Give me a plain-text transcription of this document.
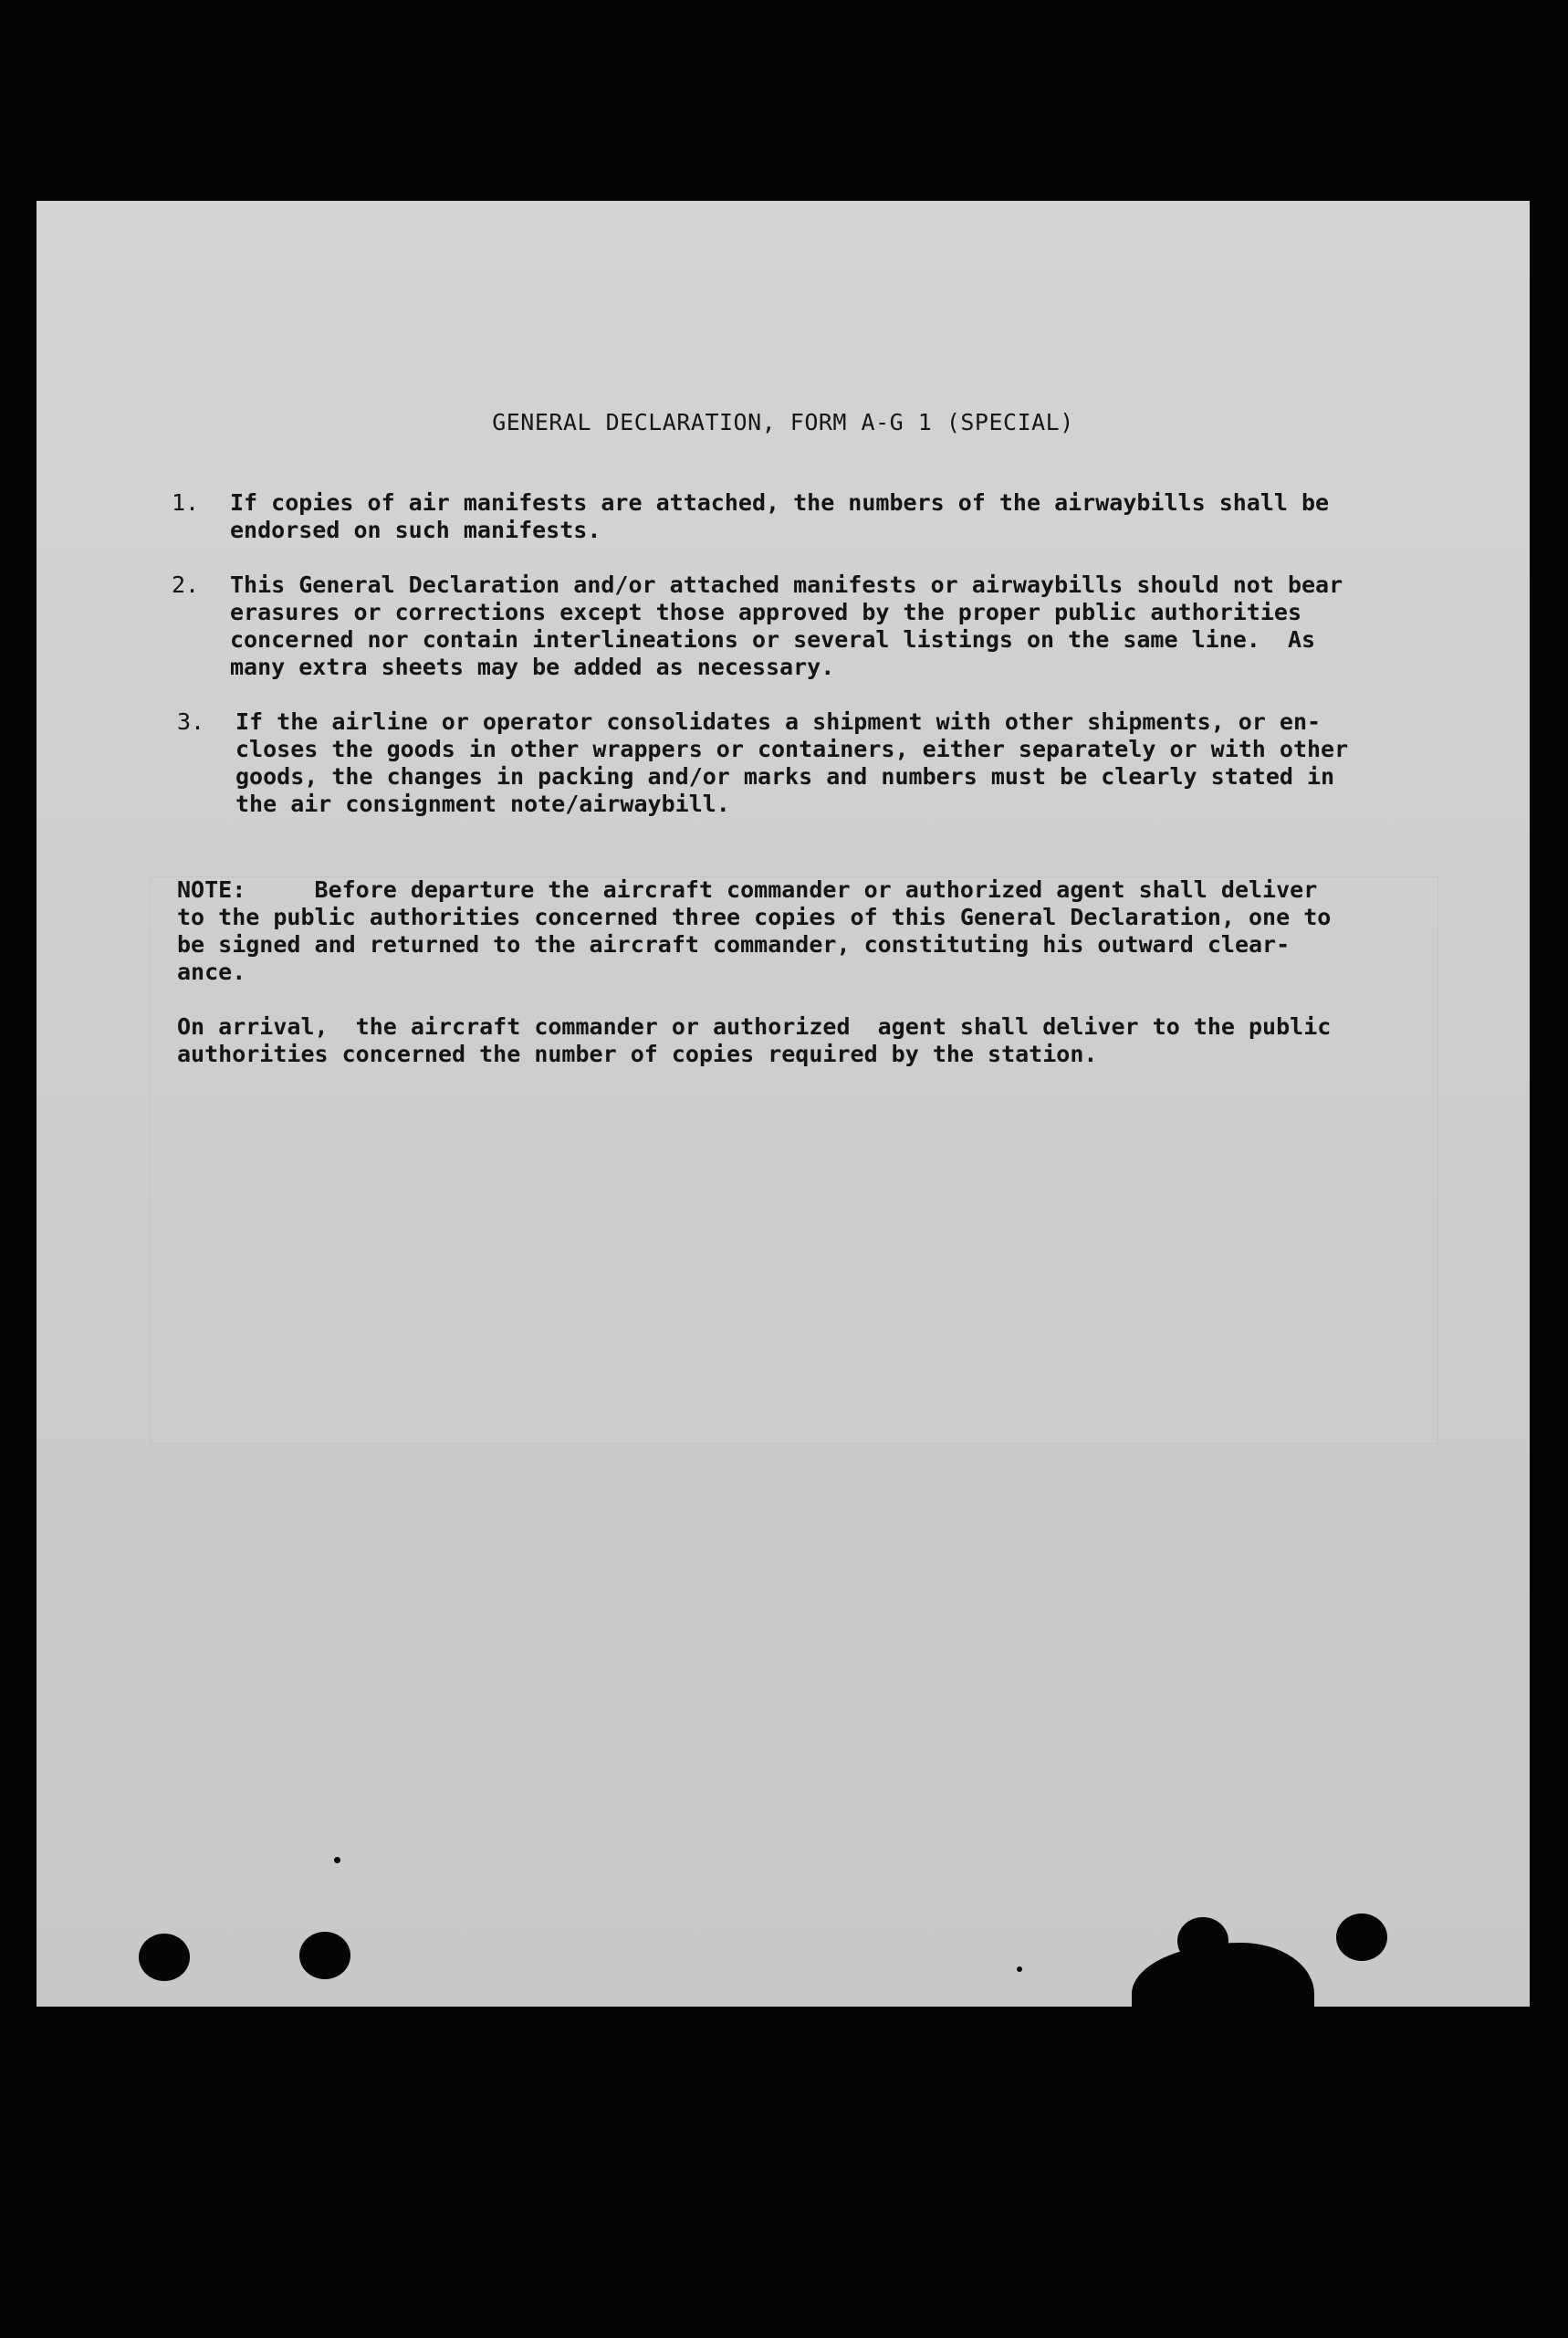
GENERAL DECLARATION, FORM A-G 1 (SPECIAL)
1. If copies of air manifests are attached, the numbers of the airwaybills shall be
endorsed on such manifests.
2. This General Declaration and/or attached manifests or airwaybills should not bear
erasures or corrections except those approved by the proper public authorities
concerned nor contain interlineations or several listings on the same line.  As
many extra sheets may be added as necessary.
3. If the airline or operator consolidates a shipment with other shipments, or en-
closes the goods in other wrappers or containers, either separately or with other
goods, the changes in packing and/or marks and numbers must be clearly stated in
the air consignment note/airwaybill.
NOTE:     Before departure the aircraft commander or authorized agent shall deliver
to the public authorities concerned three copies of this General Declaration, one to
be signed and returned to the aircraft commander, constituting his outward clear-
ance.
On arrival,  the aircraft commander or authorized  agent shall deliver to the public
authorities concerned the number of copies required by the station.
